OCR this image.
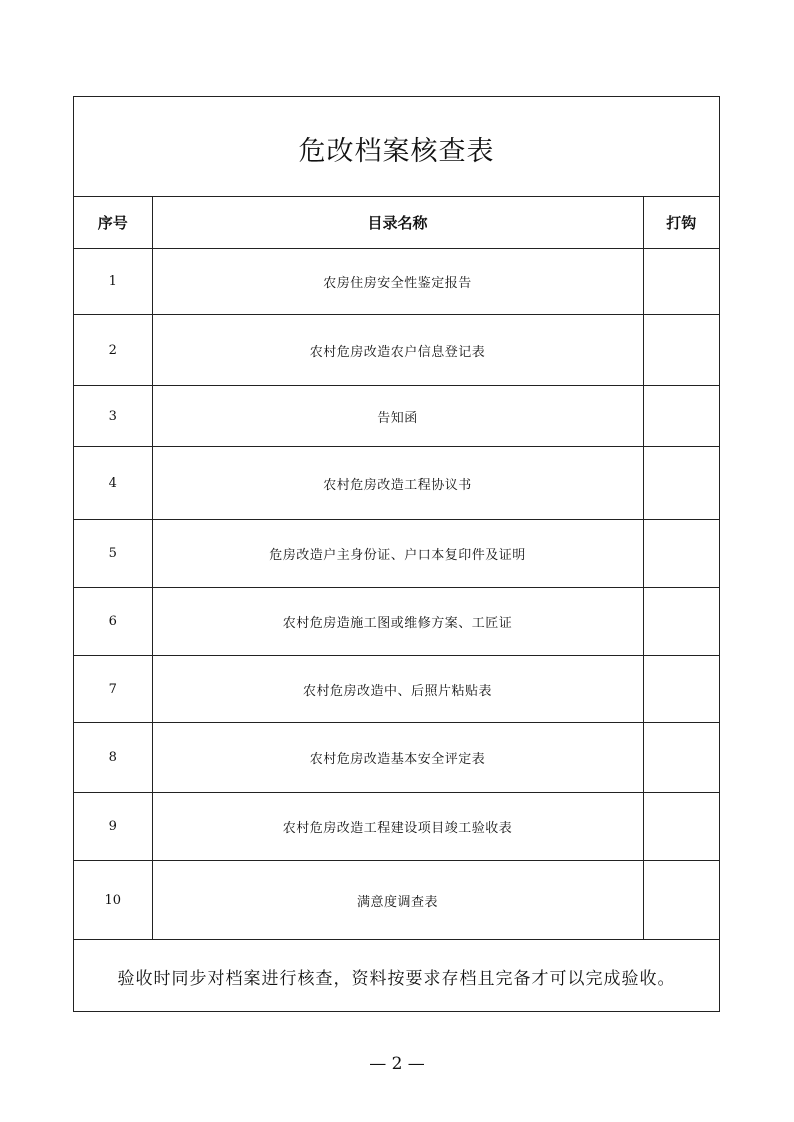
危改档案核查表
序号	目录名称	打钩
1	农房住房安全性鉴定报告	
2	农村危房改造农户信息登记表	
3	告知函	
4	农村危房改造工程协议书	
5	危房改造户主身份证、户口本复印件及证明	
6	农村危房造施工图或维修方案、工匠证	
7	农村危房改造中、后照片粘贴表	
8	农村危房改造基本安全评定表	
9	农村危房改造工程建设项目竣工验收表	
10	满意度调查表	
验收时同步对档案进行核查，资料按要求存档且完备才可以完成验收。
— 2 —
